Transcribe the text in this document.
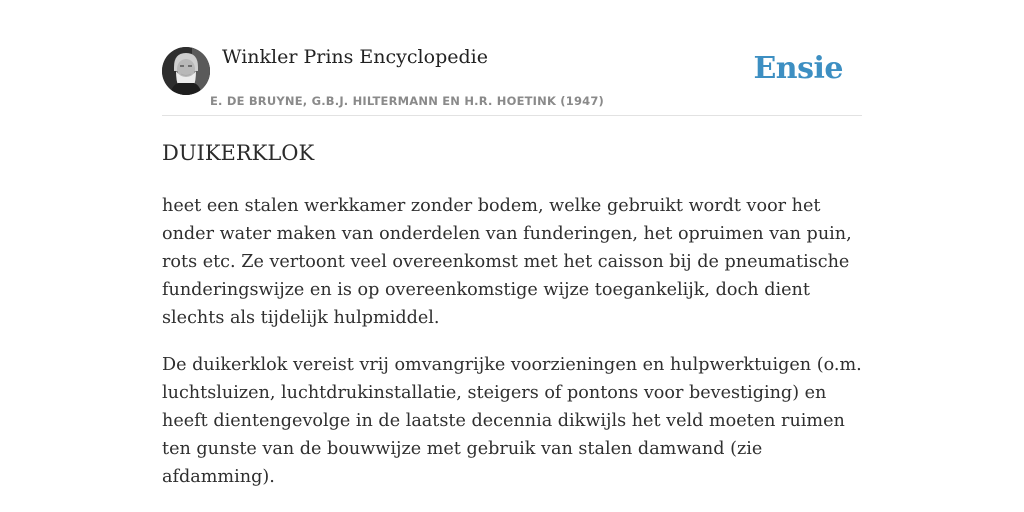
Winkler Prins Encyclopedie
E. DE BRUYNE, G.B.J. HILTERMANN EN H.R. HOETINK (1947)
Ensie
DUIKERKLOK

heet een stalen werkkamer zonder bodem, welke gebruikt wordt voor het onder water maken van onderdelen van funderingen, het opruimen van puin, rots etc. Ze vertoont veel overeenkomst met het caisson bij de pneumatische funderingswijze en is op overeenkomstige wijze toegankelijk, doch dient slechts als tijdelijk hulpmiddel.

De duikerklok vereist vrij omvangrijke voorzieningen en hulpwerktuigen (o.m. luchtsluizen, luchtdrukinstallatie, steigers of pontons voor bevestiging) en heeft dientengevolge in de laatste decennia dikwijls het veld moeten ruimen ten gunste van de bouwwijze met gebruik van stalen damwand (zie afdamming).
